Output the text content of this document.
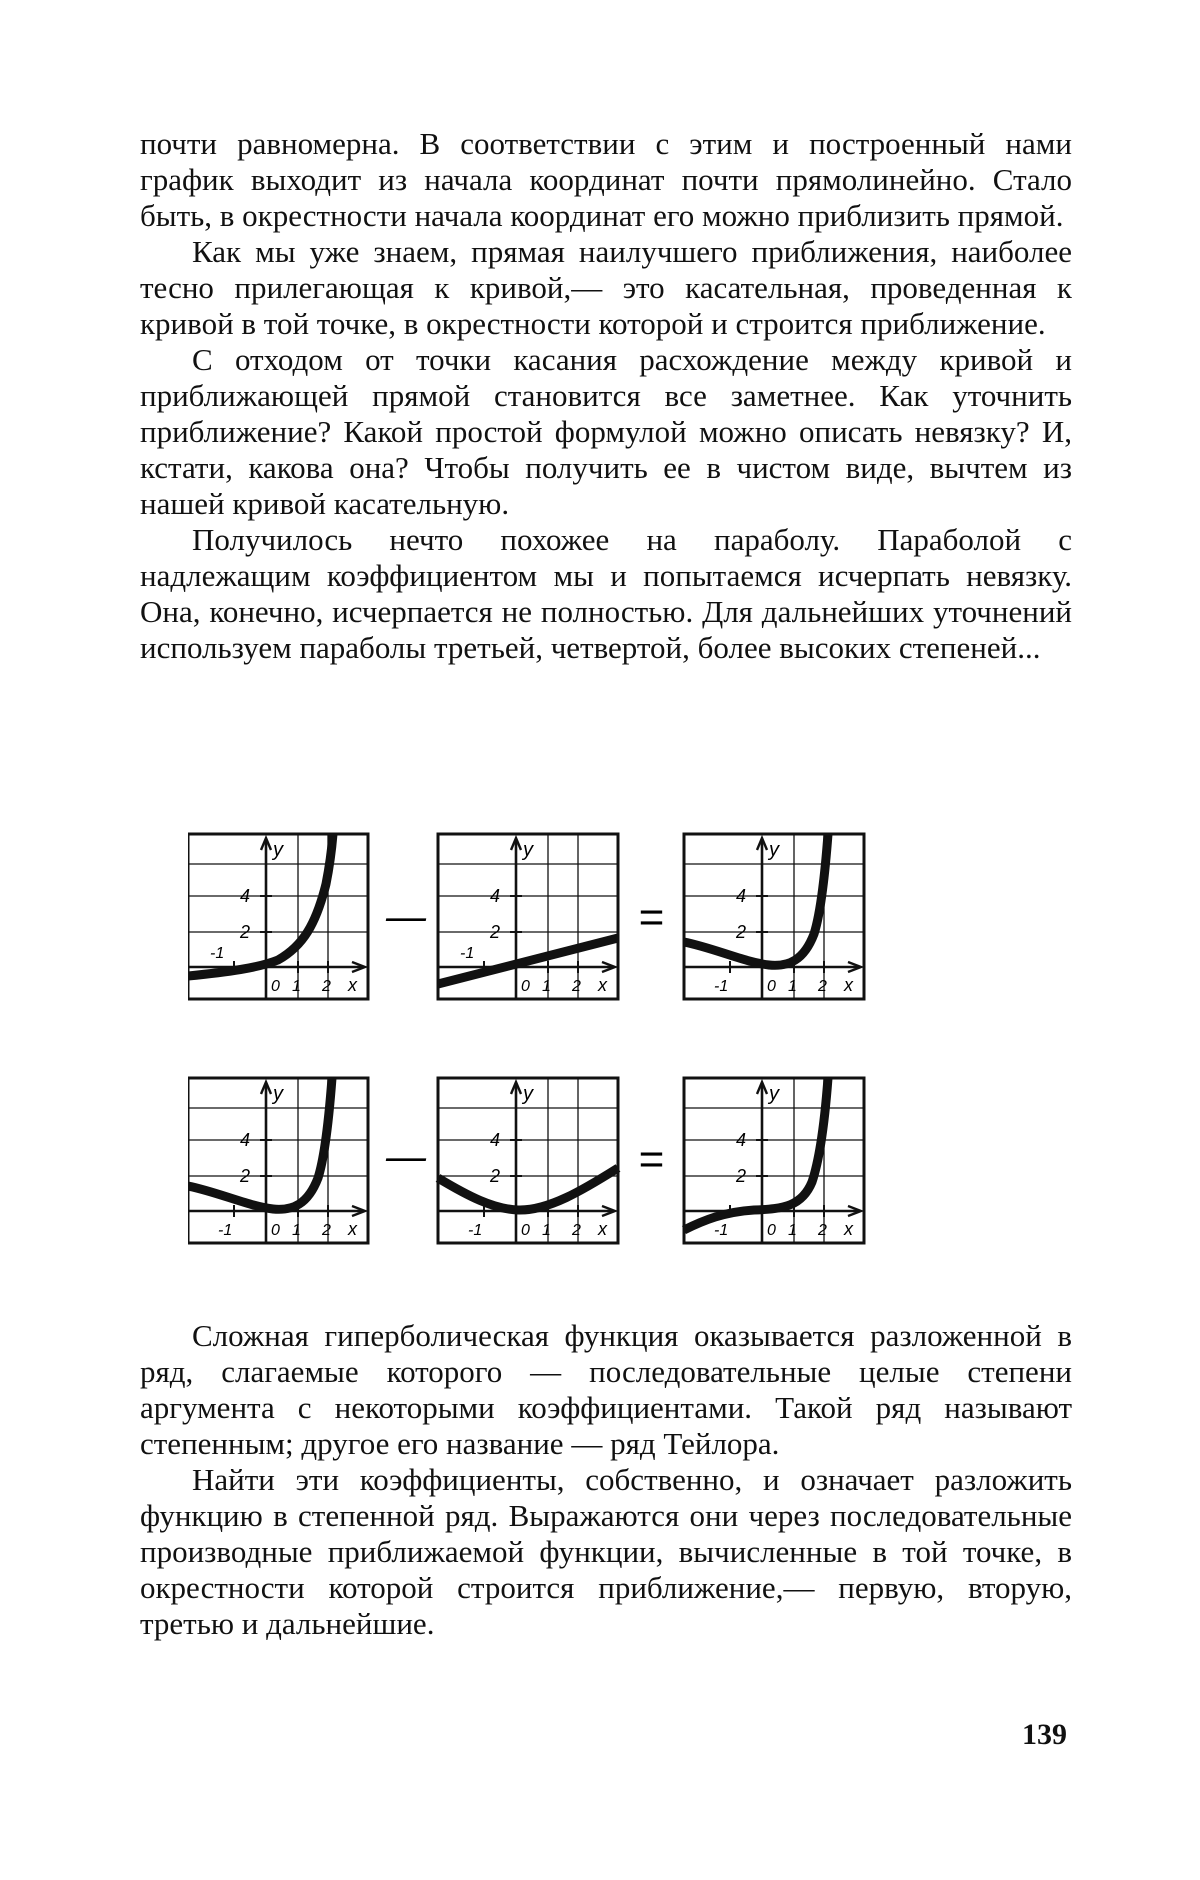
почти равномерна. В соответствии с этим и построенный нами график выходит из начала координат почти прямолинейно. Стало быть, в окрестности начала координат его можно приблизить прямой.

Как мы уже знаем, прямая наилучшего приближения, наиболее тесно прилегающая к кривой,— это касательная, проведенная к кривой в той точке, в окрестности которой и строится приближение.

С отходом от точки касания расхождение между кривой и приближающей прямой становится все заметнее. Как уточнить приближение? Какой простой формулой можно описать невязку? И, кстати, какова она? Чтобы получить ее в чистом виде, вычтем из нашей кривой касательную.

Получилось нечто похожее на параболу. Параболой с надлежащим коэффициентом мы и попытаемся исчерпать невязку. Она, конечно, исчерпается не полностью. Для дальнейших уточнений используем параболы третьей, четвертой, более высоких степеней...

y
4
2
-1
0 1 2 x
—
y
4
2
-1
0 1 2 x
=
y
4
2
-1 0 1 2 x
y
4
2
-1 0 1 2 x
—
y
4
2
-1 0 1 2 x
=
y
4
2
-1 0 1 2 x

Сложная гиперболическая функция оказывается разложенной в ряд, слагаемые которого — последовательные целые степени аргумента с некоторыми коэффициентами. Такой ряд называют степенным; другое его название — ряд Тейлора.

Найти эти коэффициенты, собственно, и означает разложить функцию в степенной ряд. Выражаются они через последовательные производные приближаемой функции, вычисленные в той точке, в окрестности которой строится приближение,— первую, вторую, третью и дальнейшие.

139
